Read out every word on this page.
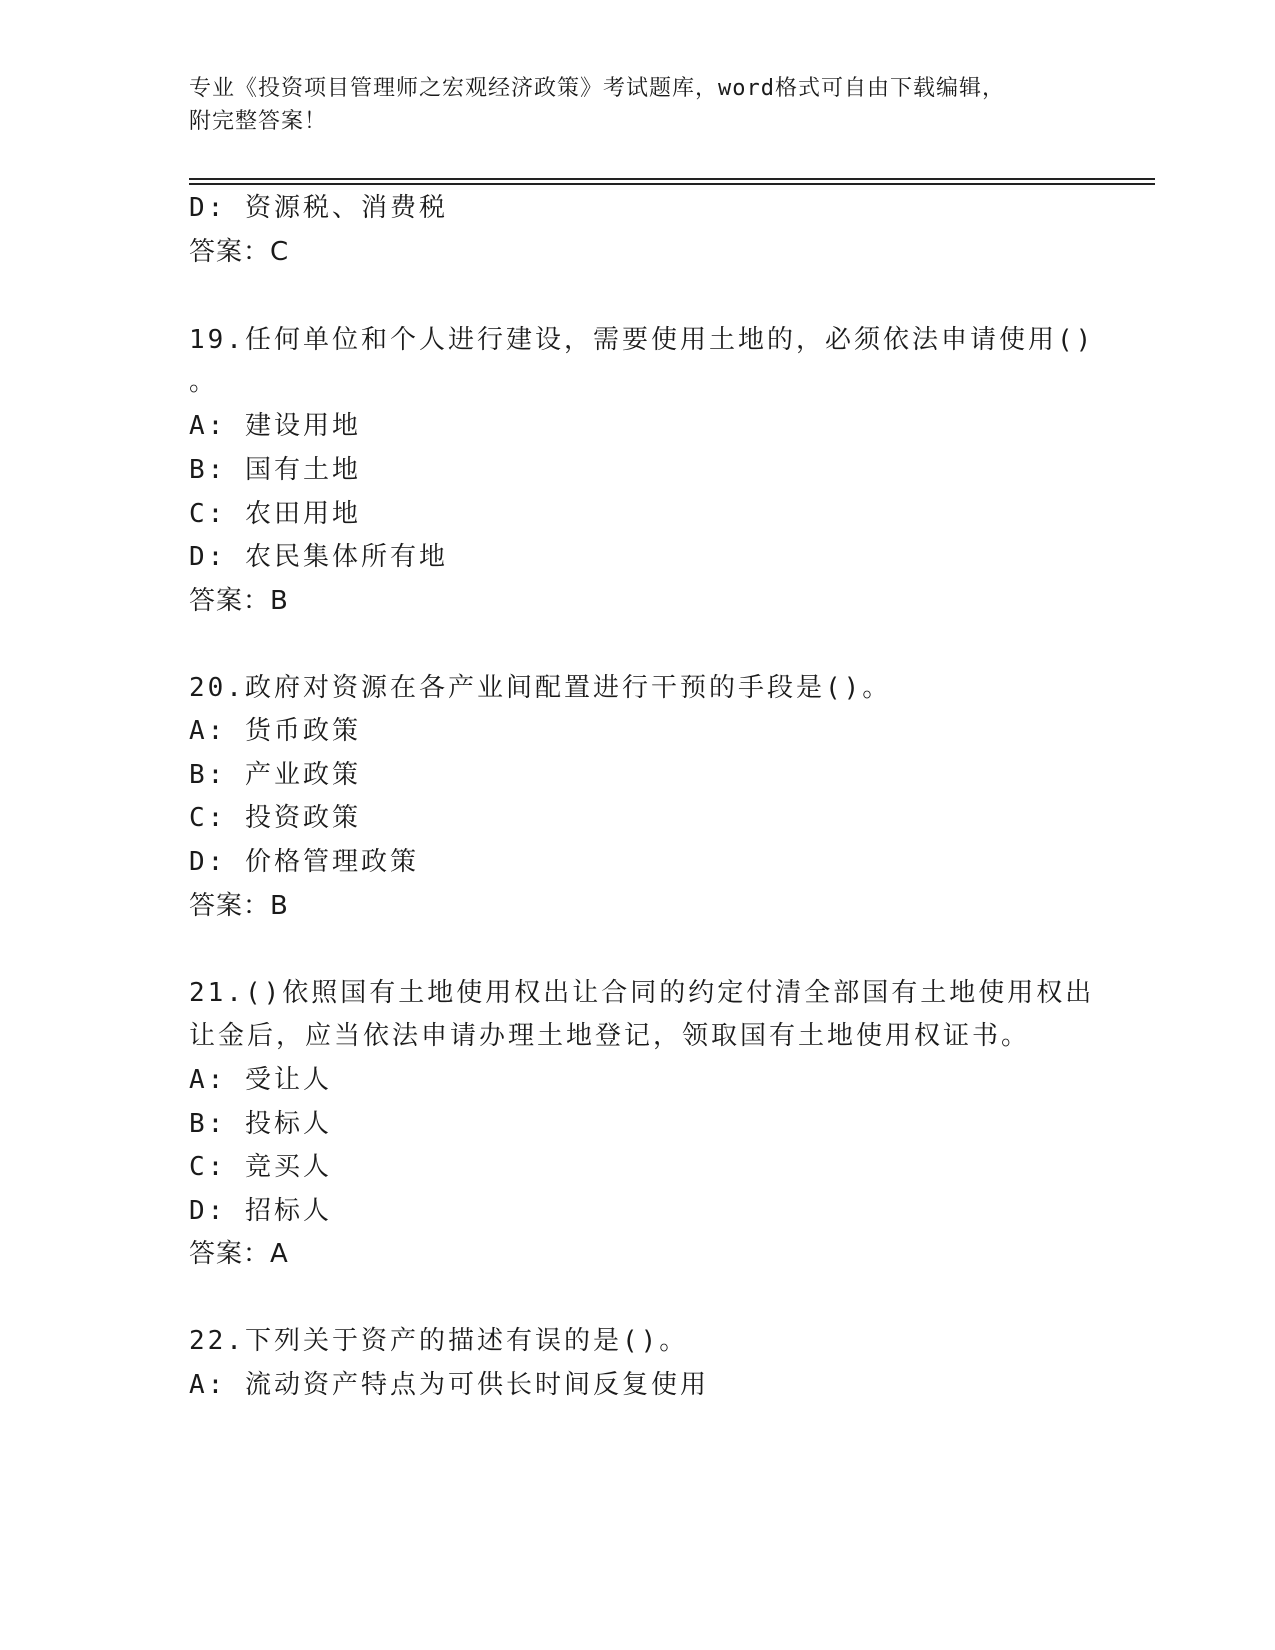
专业《投资项目管理师之宏观经济政策》考试题库，word格式可自由下载编辑，
附完整答案！
D: 资源税、消费税
答案：C
19.任何单位和个人进行建设，需要使用土地的，必须依法申请使用()
。
A: 建设用地
B: 国有土地
C: 农田用地
D: 农民集体所有地
答案：B
20.政府对资源在各产业间配置进行干预的手段是()。
A: 货币政策
B: 产业政策
C: 投资政策
D: 价格管理政策
答案：B
21.()依照国有土地使用权出让合同的约定付清全部国有土地使用权出
让金后，应当依法申请办理土地登记，领取国有土地使用权证书。
A: 受让人
B: 投标人
C: 竞买人
D: 招标人
答案：A
22.下列关于资产的描述有误的是()。
A: 流动资产特点为可供长时间反复使用
